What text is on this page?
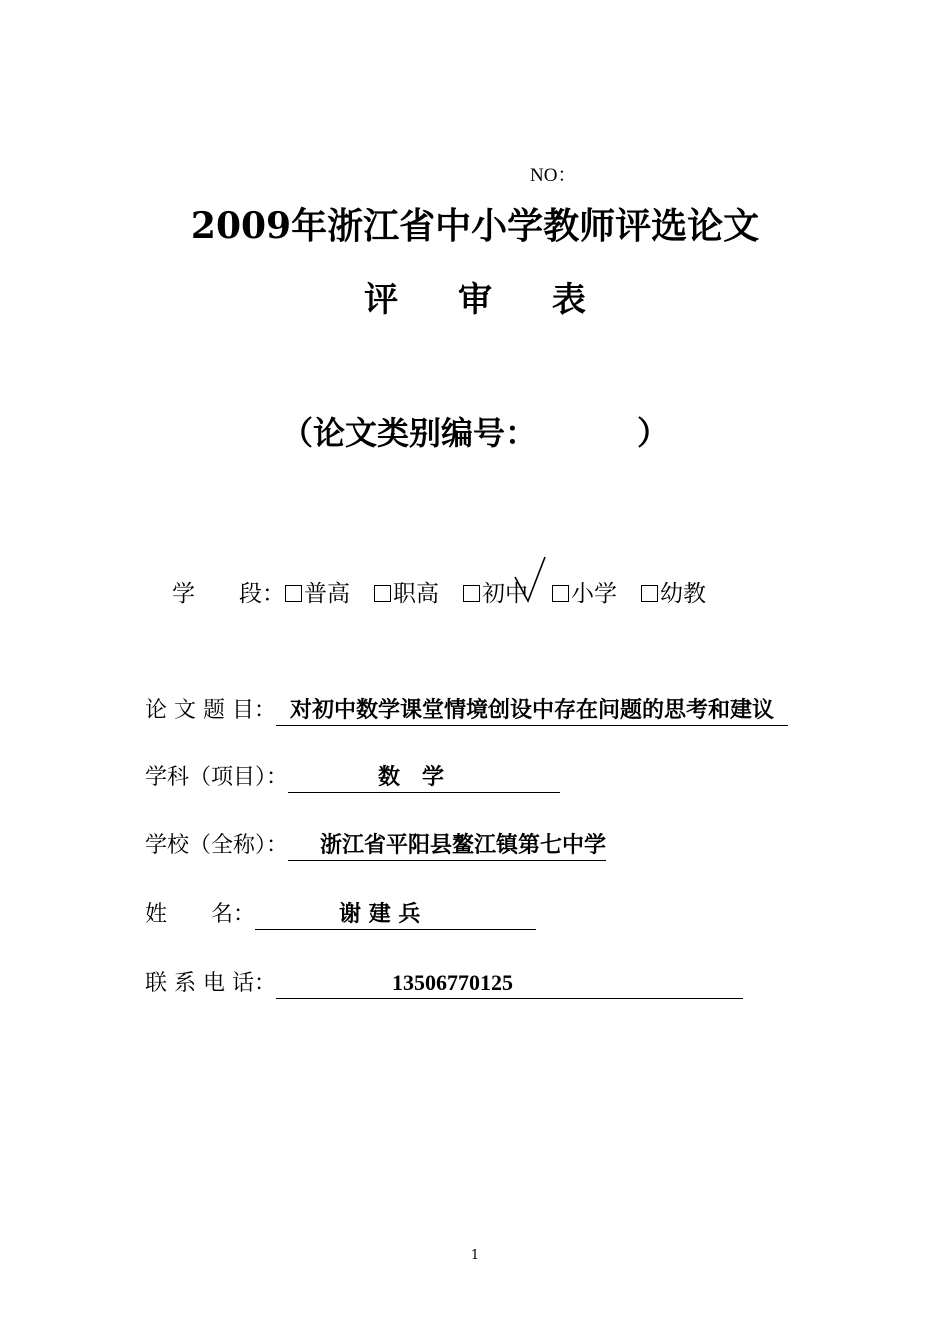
NO：
2009年浙江省中小学教师评选论文
评 审 表
（论文类别编号：	）
学 段： 普高 职高 初中 小学 幼教
论 文 题 目： 对初中数学课堂情境创设中存在问题的思考和建议
学科（项目）：	数　学
学校（全称）： 浙江省平阳县鳌江镇第七中学
姓 名：	谢 建 兵
联 系 电 话：	13506770125
1
